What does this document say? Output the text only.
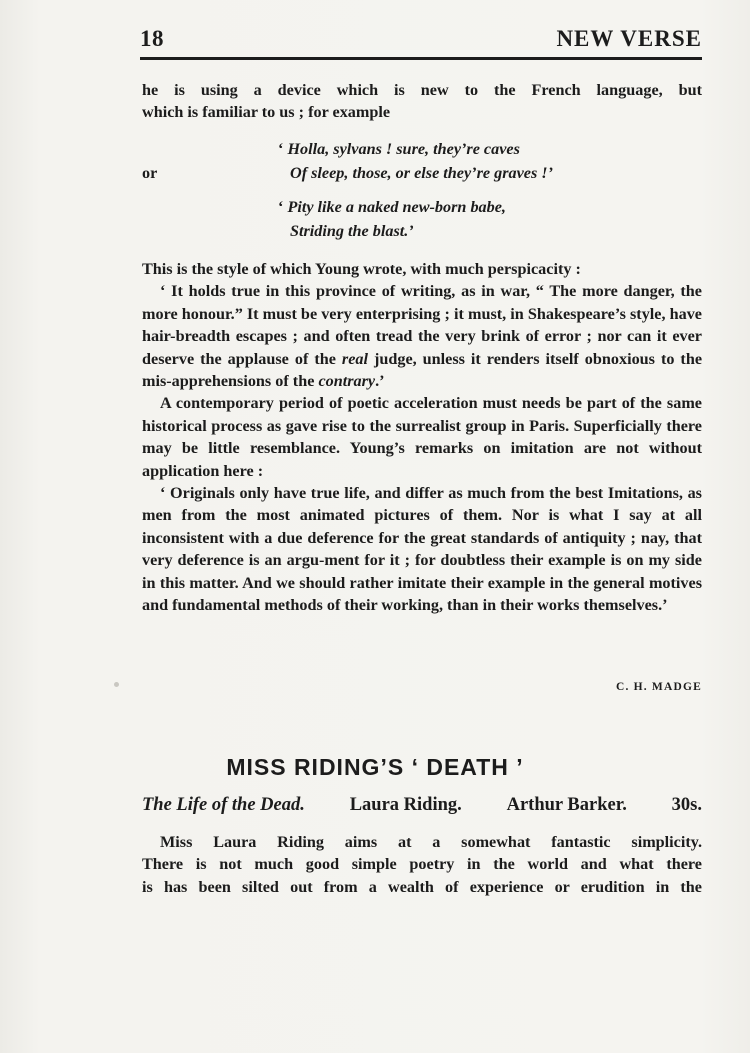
18	NEW VERSE

he is using a device which is new to the French language, but

which is familiar to us ; for example

‘ Holla, sylvans ! sure, they’re caves
Of sleep, those, or else they’re graves !’
or
‘ Pity like a naked new-born babe,
Striding the blast.’

This is the style of which Young wrote, with much perspicacity :

‘ It holds true in this province of writing, as in war, “ The more danger, the more honour.” It must be very enterprising ; it must, in Shakespeare’s style, have hair-breadth escapes ; and often tread the very brink of error ; nor can it ever deserve the applause of the real judge, unless it renders itself obnoxious to the mis-apprehensions of the contrary.’

A contemporary period of poetic acceleration must needs be part of the same historical process as gave rise to the surrealist group in Paris. Superficially there may be little resemblance. Young’s remarks on imitation are not without application here :

‘ Originals only have true life, and differ as much from the best Imitations, as men from the most animated pictures of them. Nor is what I say at all inconsistent with a due deference for the great standards of antiquity ; nay, that very deference is an argu-ment for it ; for doubtless their example is on my side in this matter. And we should rather imitate their example in the general motives and fundamental methods of their working, than in their works themselves.’

C. H. MADGE
MISS RIDING’S ‘ DEATH ’
The Life of the Dead. Laura Riding. Arthur Barker. 30s.

Miss Laura Riding aims at a somewhat fantastic simplicity.

There is not much good simple poetry in the world and what there

is has been silted out from a wealth of experience or erudition in the
